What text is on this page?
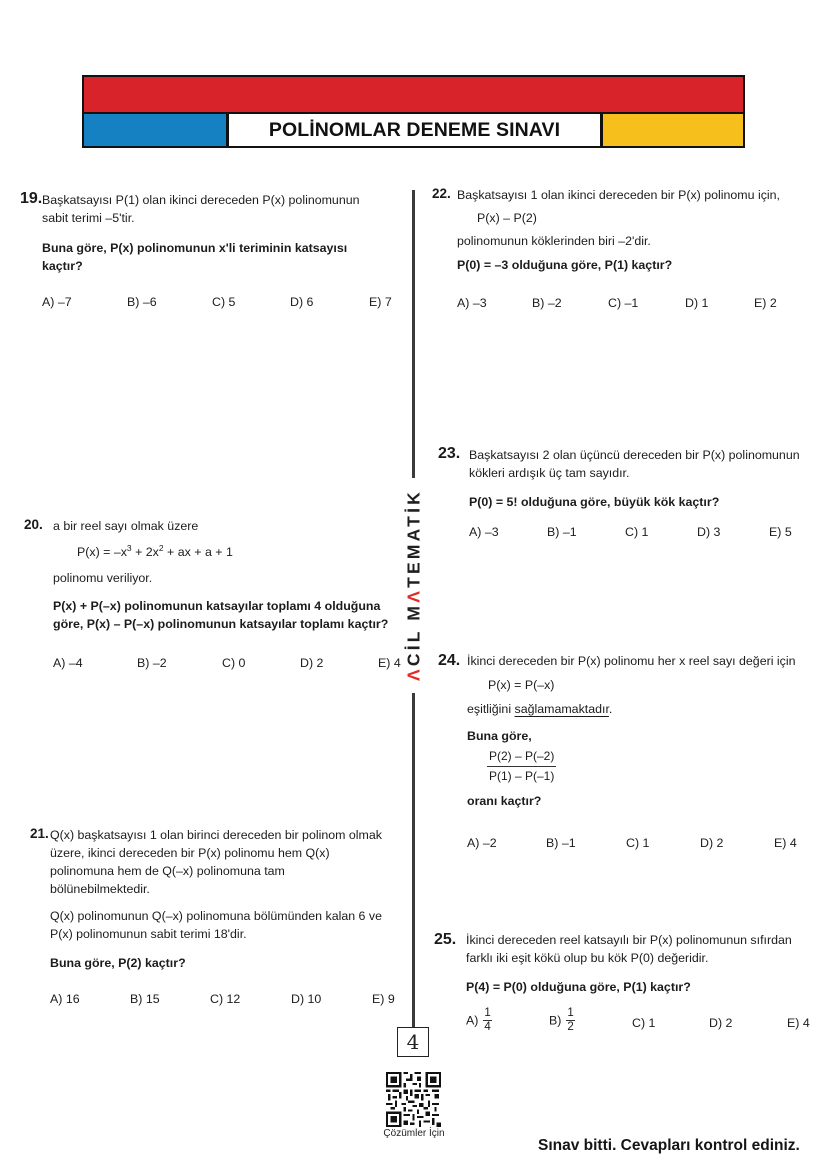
POLİNOMLAR DENEME SINAVI
ΛCİL MΛTEMATİK
19. Başkatsayısı P(1) olan ikinci dereceden P(x) polinomunun
sabit terimi –5'tir.
Buna göre, P(x) polinomunun x'li teriminin katsayısı
kaçtır?
A) –7	B) –6	C) 5	D) 6	E) 7
20. a bir reel sayı olmak üzere
$P(x) = -x^3 + 2x^2$ + ax + a + 1
polinomu veriliyor.
P(x) + P(–x) polinomunun katsayılar toplamı 4 olduğuna
göre, P(x) – P(–x) polinomunun katsayılar toplamı kaçtır?
A) –4	B) –2	C) 0	D) 2	E) 4
21. Q(x) başkatsayısı 1 olan birinci dereceden bir polinom olmak
üzere, ikinci dereceden bir P(x) polinomu hem Q(x)
polinomuna hem de Q(–x) polinomuna tam
bölünebilmektedir.
Q(x) polinomunun Q(–x) polinomuna bölümünden kalan 6 ve
P(x) polinomunun sabit terimi 18'dir.
Buna göre, P(2) kaçtır?
A) 16	B) 15	C) 12	D) 10	E) 9
22. Başkatsayısı 1 olan ikinci dereceden bir P(x) polinomu için,
P(x) – P(2)
polinomunun köklerinden biri –2'dir.
P(0) = –3 olduğuna göre, P(1) kaçtır?
A) –3	B) –2	C) –1	D) 1	E) 2
23. Başkatsayısı 2 olan üçüncü dereceden bir P(x) polinomunun
kökleri ardışık üç tam sayıdır.
P(0) = 5! olduğuna göre, büyük kök kaçtır?
A) –3	B) –1	C) 1	D) 3	E) 5
24. İkinci dereceden bir P(x) polinomu her x reel sayı değeri için
P(x) = P(–x)
eşitliğini sağlamamaktadır.
Buna göre,
$\frac{P(2) - P(-2)}{P(1) - P(-1)}$
oranı kaçtır?
A) –2	B) –1	C) 1	D) 2	E) 4
25. İkinci dereceden reel katsayılı bir P(x) polinomunun sıfırdan
farklı iki eşit kökü olup bu kök P(0) değeridir.
P(4) = P(0) olduğuna göre, P(1) kaçtır?
$A) \frac{1}{4}$	$B) \frac{1}{2}$	C) 1	D) 2	E) 4
4
Çözümler İçin
Sınav bitti. Cevapları kontrol ediniz.
